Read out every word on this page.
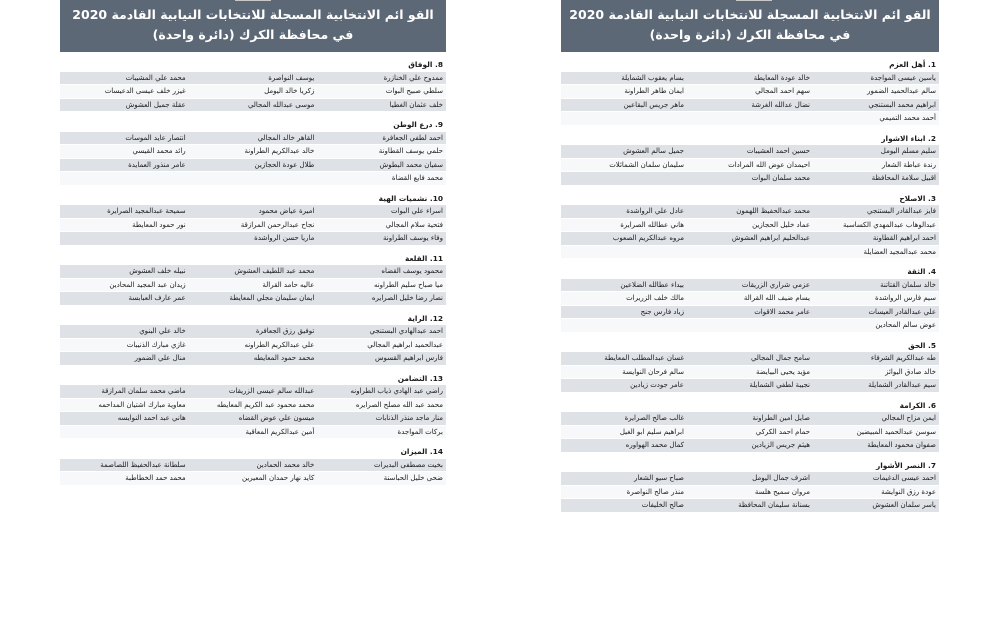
القو ائم الانتخابية المسجلة للانتخابات النيابية القادمة 2020
في محافظة الكرك (دائرة واحدة)
8. الوفاق
ممدوح علي الخنازرة
يوسف النواصرة
محمد علي المشيبات
سلطي صبيح البوات
زكريا خالد اليومل
غيزر خلف عيسى الدعيسات
خلف عثمان الغطيا
موسى عبدالله المجالي
عقلة جميل العشوش
9. درع الوطن
احمد لطفي الجعافرة
القاهر خالد المجالي
انتصار عايد الموسات
حلمي يوسف القطاونة
خالد عبدالكريم الطراونة
رائد محمد القيسي
سفيان محمد البطوش
طلال عودة الحجازين
عامر منذور العمايدة
محمد فايع القضاة
10. نشميات الهية
اسراء علي البوات
اميرة عياض محمود
سميحة عبدالمجيد الصرايرة
فتحية سلام المجالي
نجاح عبدالرحمن المرازقة
نور حمود المعايطة
وفاء يوسف الطراونة
ماريا حسن الرواشدة
11. القلعة
محمود يوسف القضاه
محمد عبد اللطيف العشوش
نبيله خلف العشوش
ميا صباح سليم الطراونه
عاليه حامد القرالة
زيدان عبد المجيد المحادين
نصار رضا خليل الصرايره
ايمان سليمان مجلي المعايطة
عمر عارف العبابسة
12. الراية
احمد عبدالهادي البستنجي
توفيق رزق الجعافرة
خالد علي البنوي
عبدالحميد ابراهيم المجالي
علي عبدالكريم الطراونه
غازي مبارك الذنيبات
فارس ابراهيم القسوس
محمد حمود المعايطه
منال علي الضمور
13. التضامن
راضي عبد الهادي ذياب الطراونه
عبدالله سالم عيسى الزريقات
ماضي محمد سلمان المرازقة
محمد عبد الله مصلح الصرايره
محمد محمود عبد الكريم المعايطه
معاوية مبارك اشتيان المداحمه
منار ماجد منذر الذنابات
ميسون علي عوض القضاه
هاني عبد احمد النوايسه
بركات المواجدة
أمين عبدالكريم المعاقية
14. الميزان
بخيت مصطفى البديرات
خالد محمد الحمادين
سلطانة عبدالحفيظ اللصاصمة
ضحى خليل الحباسنة
كايد نهار حمدان المعيرين
محمد حمد الخطاطبة
القو ائم الانتخابية المسجلة للانتخابات النيابية القادمة 2020
في محافظة الكرك (دائرة واحدة)
1. أهل العزم
ياسين عيسى المواجدة
خالد عودة المعايطة
بسام يعقوب الشمايلة
سالم عبدالحميد الضمور
سهم احمد المجالي
ايمان طاهر الطراونة
ابراهيم محمد البستنجي
نضال عدالله الغرشة
ماهر جريس البقاعين
أحمد محمد التميمي
2. ابناء الاشوار
سليم مسلم اليومل
حسين احمد العشيبات
جميل سالم العشوش
رندة عباطة الشعار
احيمدان عوض الله المرادات
سليمان سلمان الشمائلات
اقبيل سلامة المحافظة
محمد سلمان البوات
3. الاصلاح
فايز عبدالقادر البستنجي
محمد عبدالحفيظ اللهمون
عادل علي الرواشدة
عبدالوهاب عبدالمهدي الكساسبة
عماد خليل الحجازين
هاني عطالله الصرايرة
احمد ابراهيم القطاونة
عبدالحليم ابراهيم العشوش
مروه عبدالكريم الصعوب
محمد عبدالمجيد العضايلة
4. الثقة
خالد سلمان القتاتنة
عزمي شراري الزريقات
بيداء عطالله الضلاعين
سيم فارس الرواشدة
يسام ضيف الله القرالة
مالك خلف الزريرات
علي عبدالقادر العيسات
عامر محمد الاقوات
زياد فارس جنج
عوض سالم المحادين
5. الحق
طه عبدالكريم الشرفاء
سامح جمال المجالي
غسان عبدالمطلب المعايطة
خالد صادق اليوائز
مؤيد يحيى البيايضة
سالم فرحان النوايسة
سيم عبدالقادر الشمايلة
نجيبة لطفي الشمايلة
عامر جودت زيادين
6. الكرامة
ايمن مزاح المجالي
صايل امين الطراونة
غالب صالح الصرايرة
سوسن عبدالحميد المبيضين
حمام احمد الكركي
ابراهيم سليم ابو الغيل
صفوان محمود المعايطة
هيثم جريس الزيادين
كمال محمد الهواوره
7. النصر الأشوار
احمد عيسى الدغيمات
اشرف جمال اليومل
صباح سيو الشعار
عودة رزق النوايشة
مروان سميح هلسة
منذر صالح النواصرة
ياسر سلمان العشوش
بسنانة سليمان المحافظة
صالح الخليفات
